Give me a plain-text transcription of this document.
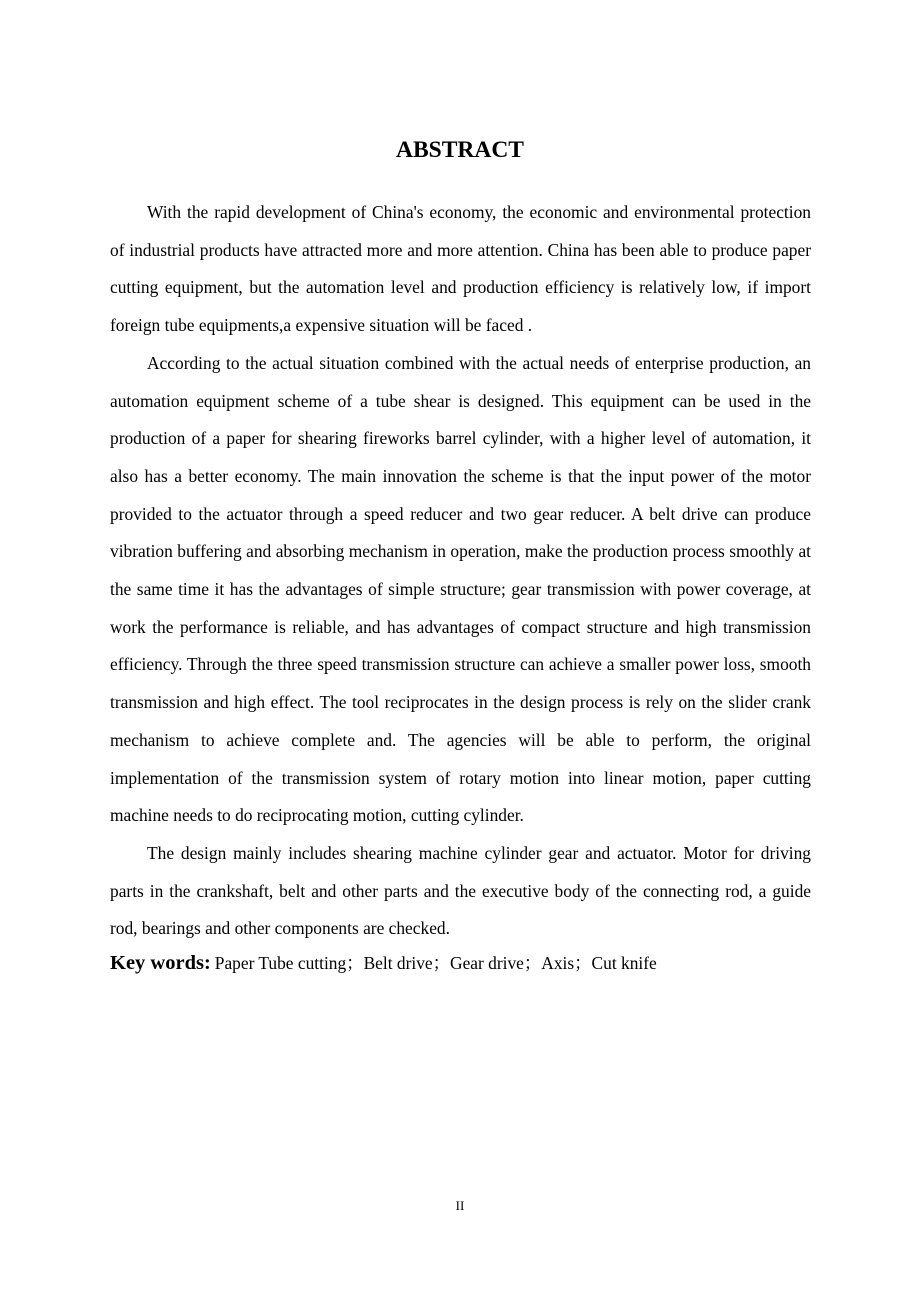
ABSTRACT

With the rapid development of China's economy, the economic and environmental protection of industrial products have attracted more and more attention. China has been able to produce paper cutting equipment, but the automation level and production efficiency is relatively low, if import foreign tube equipments,a expensive situation will be faced .

According to the actual situation combined with the actual needs of enterprise production, an automation equipment scheme of a tube shear is designed. This equipment can be used in the production of a paper for shearing fireworks barrel cylinder, with a higher level of automation, it also has a better economy. The main innovation the scheme is that the input power of the motor provided to the actuator through a speed reducer and two gear reducer. A belt drive can produce vibration buffering and absorbing mechanism in operation, make the production process smoothly at the same time it has the advantages of simple structure; gear transmission with power coverage, at work the performance is reliable, and has advantages of compact structure and high transmission efficiency. Through the three speed transmission structure can achieve a smaller power loss, smooth transmission and high effect. The tool reciprocates in the design process is rely on the slider crank mechanism to achieve complete and. The agencies will be able to perform, the original implementation of the transmission system of rotary motion into linear motion, paper cutting machine needs to do reciprocating motion, cutting cylinder.

The design mainly includes shearing machine cylinder gear and actuator. Motor for driving parts in the crankshaft, belt and other parts and the executive body of the connecting rod, a guide rod, bearings and other components are checked.

Key words: Paper Tube cutting；Belt drive；Gear drive；Axis；Cut knife
II
